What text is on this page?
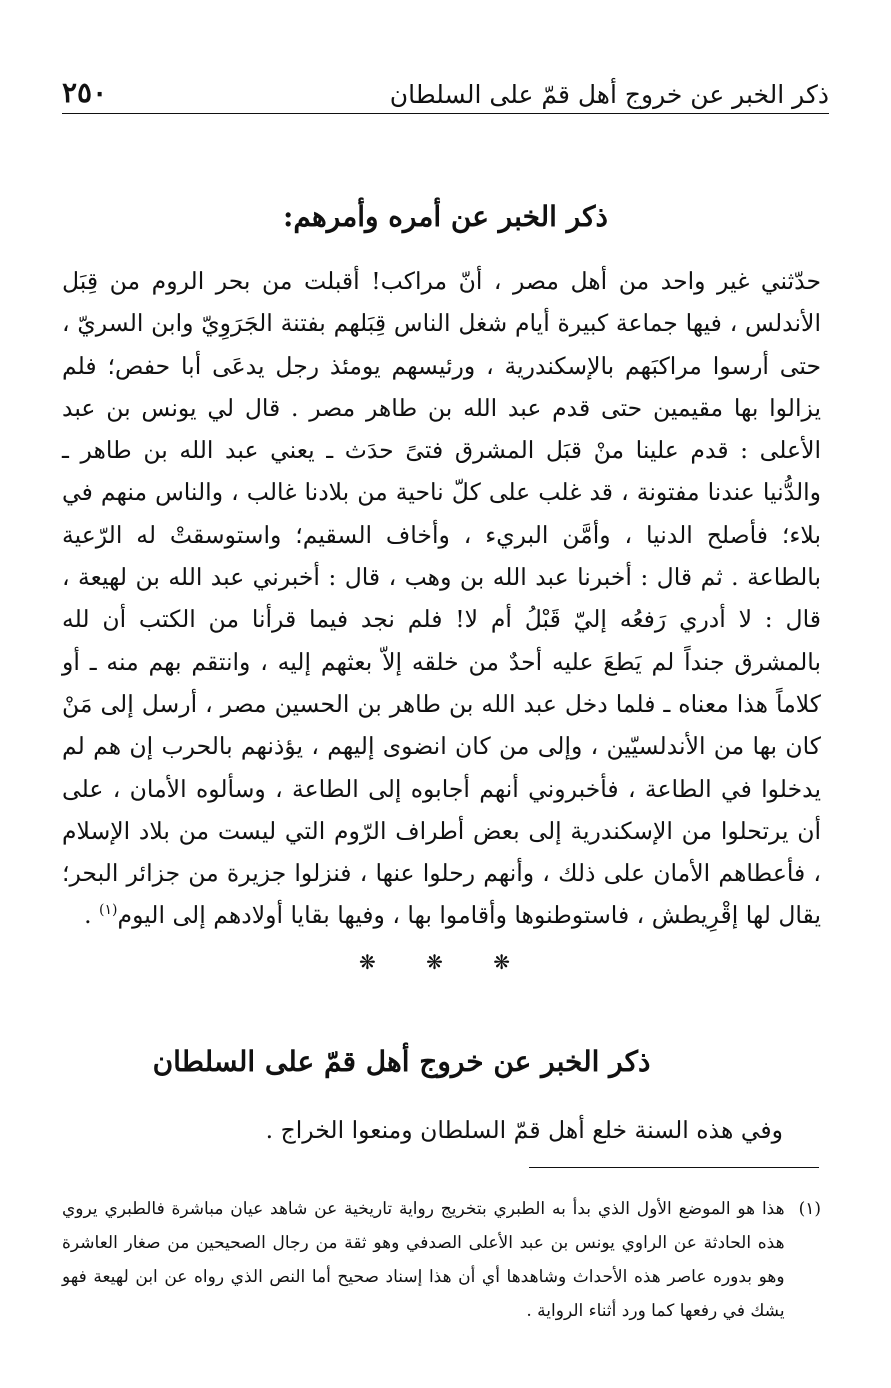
ذكر الخبر عن خروج أهل قمّ على السلطان
٢٥٠
ذكر الخبر عن أمره وأمرهم:

حدّثني غير واحد من أهل مصر ، أنّ مراكب! أقبلت من بحر الروم من قِبَل الأندلس ، فيها جماعة كبيرة أيام شغل الناس قِبَلهم بفتنة الجَرَوِيّ وابن السريّ ، حتى أرسوا مراكبَهم بالإسكندرية ، ورئيسهم يومئذ رجل يدعَى أبا حفص؛ فلم يزالوا بها مقيمين حتى قدم عبد الله بن طاهر مصر . قال لي يونس بن عبد الأعلى : قدم علينا منْ قبَل المشرق فتىً حدَث ـ يعني عبد الله بن طاهر ـ والدُّنيا عندنا مفتونة ، قد غلب على كلّ ناحية من بلادنا غالب ، والناس منهم في بلاء؛ فأصلح الدنيا ، وأمَّن البريء ، وأخاف السقيم؛ واستوسقتْ له الرّعية بالطاعة . ثم قال : أخبرنا عبد الله بن وهب ، قال : أخبرني عبد الله بن لهيعة ، قال : لا أدري رَفعُه إليّ قَبْلُ أم لا! فلم نجد فيما قرأنا من الكتب أن لله بالمشرق جنداً لم يَطعَ عليه أحدٌ من خلقه إلاّ بعثهم إليه ، وانتقم بهم منه ـ أو كلاماً هذا معناه ـ فلما دخل عبد الله بن طاهر بن الحسين مصر ، أرسل إلى مَنْ كان بها من الأندلسيّين ، وإلى من كان انضوى إليهم ، يؤذنهم بالحرب إن هم لم يدخلوا في الطاعة ، فأخبروني أنهم أجابوه إلى الطاعة ، وسألوه الأمان ، على أن يرتحلوا من الإسكندرية إلى بعض أطراف الرّوم التي ليست من بلاد الإسلام ، فأعطاهم الأمان على ذلك ، وأنهم رحلوا عنها ، فنزلوا جزيرة من جزائر البحر؛ يقال لها إقْرِيطش ، فاستوطنوها وأقاموا بها ، وفيها بقايا أولادهم إلى اليوم$^{(١)}$ .

❋ ❋ ❋
ذكر الخبر عن خروج أهل قمّ على السلطان

وفي هذه السنة خلع أهل قمّ السلطان ومنعوا الخراج .

(١)

هذا هو الموضع الأول الذي بدأ به الطبري بتخريج رواية تاريخية عن شاهد عيان مباشرة فالطبري يروي هذه الحادثة عن الراوي يونس بن عبد الأعلى الصدفي وهو ثقة من رجال الصحيحين من صغار العاشرة وهو بدوره عاصر هذه الأحداث وشاهدها أي أن هذا إسناد صحيح أما النص الذي رواه عن ابن لهيعة فهو يشك في رفعها كما ورد أثناء الرواية .
